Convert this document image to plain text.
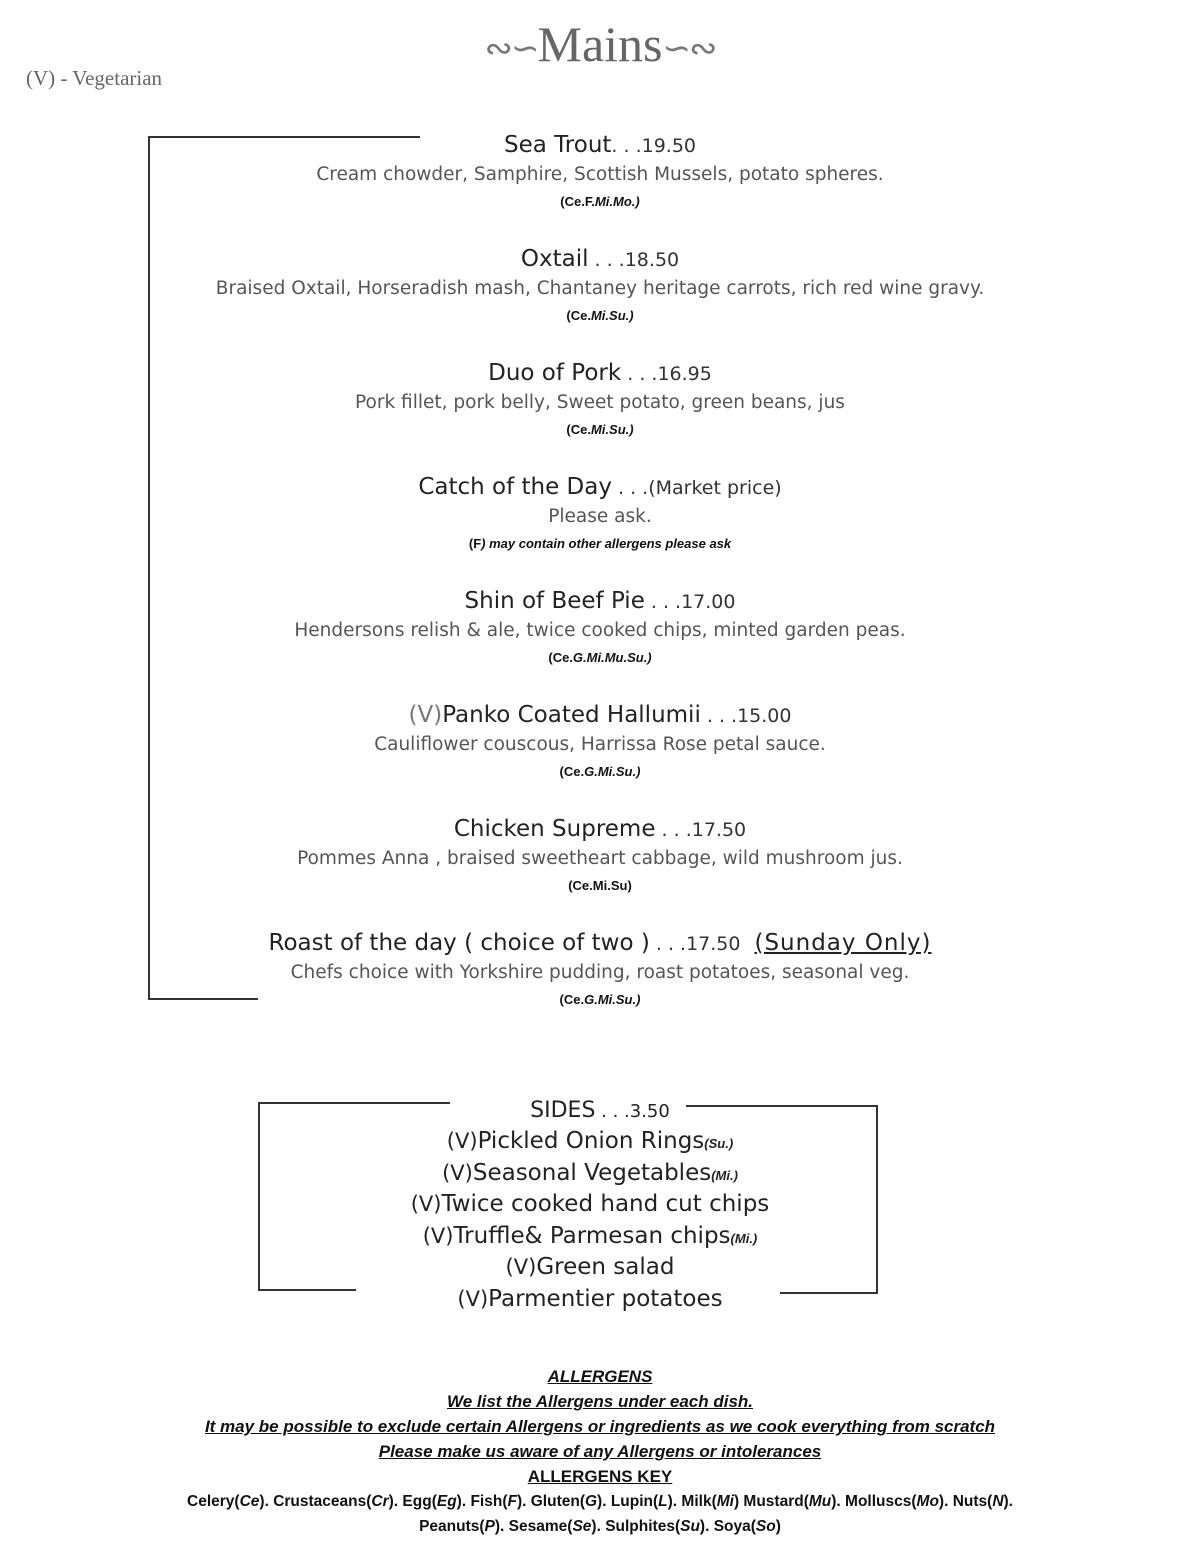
∾∽Mains∽∾
(V) - Vegetarian
Sea Trout. . .19.50
Cream chowder, Samphire, Scottish Mussels, potato spheres.
(Ce.F.Mi.Mo.)
Oxtail . . .18.50
Braised Oxtail, Horseradish mash, Chantaney heritage carrots, rich red wine gravy.
(Ce.Mi.Su.)
Duo of Pork . . .16.95
Pork fillet, pork belly, Sweet potato, green beans, jus
(Ce.Mi.Su.)
Catch of the Day . . .(Market price)
Please ask.
(F) may contain other allergens please ask
Shin of Beef Pie . . .17.00
Hendersons relish & ale, twice cooked chips, minted garden peas.
(Ce.G.Mi.Mu.Su.)
(V)Panko Coated Hallumii . . .15.00
Cauliflower couscous, Harrissa Rose petal sauce.
(Ce.G.Mi.Su.)
Chicken Supreme . . .17.50
Pommes Anna , braised sweetheart cabbage, wild mushroom jus.
(Ce.Mi.Su)
Roast of the day ( choice of two ) . . .17.50 (Sunday Only)
Chefs choice with Yorkshire pudding, roast potatoes, seasonal veg.
(Ce.G.Mi.Su.)
SIDES . . .3.50
(V)Pickled Onion Rings(Su.)
(V)Seasonal Vegetables(Mi.)
(V)Twice cooked hand cut chips
(V)Truffle& Parmesan chips(Mi.)
(V)Green salad
(V)Parmentier potatoes
ALLERGENS
We list the Allergens under each dish.
It may be possible to exclude certain Allergens or ingredients as we cook everything from scratch
Please make us aware of any Allergens or intolerances
ALLERGENS KEY
Celery(Ce). Crustaceans(Cr). Egg(Eg). Fish(F). Gluten(G). Lupin(L). Milk(Mi) Mustard(Mu). Molluscs(Mo). Nuts(N).
Peanuts(P). Sesame(Se). Sulphites(Su). Soya(So)
